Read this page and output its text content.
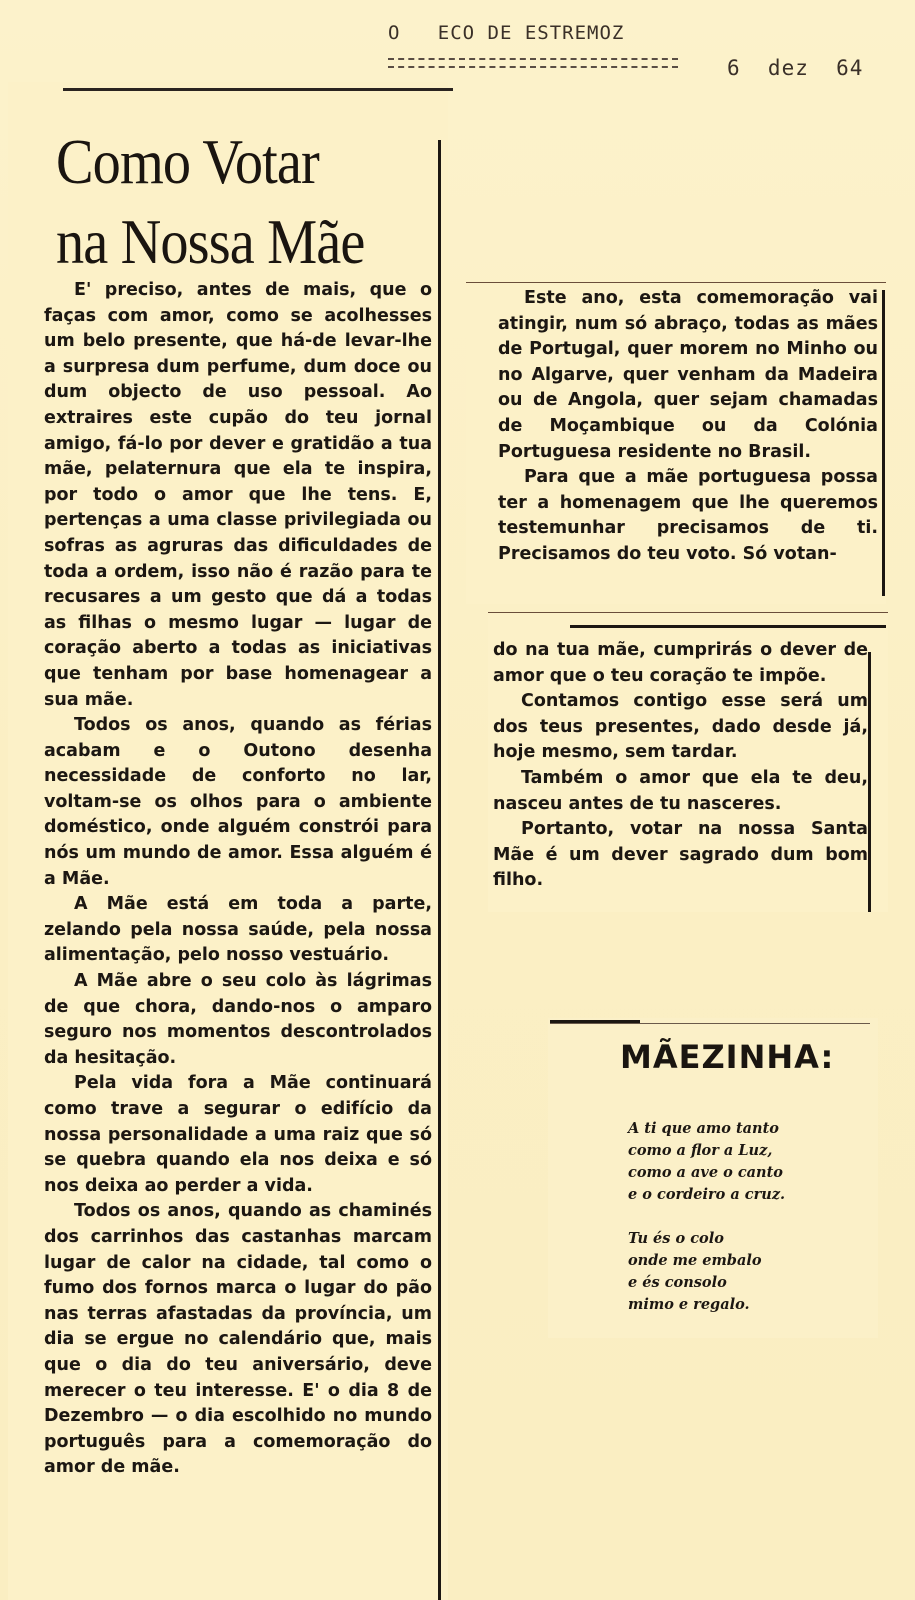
O   ECO DE ESTREMOZ
6  dez  64
Como Votar
na Nossa Mãe

E' preciso, antes de mais, que o faças com amor, como se acolhesses um belo presente, que há-de levar-lhe a surpresa dum perfume, dum doce ou dum objecto de uso pessoal. Ao extraires este cupão do teu jornal amigo, fá-lo por dever e gratidão a tua mãe, pelaternura que ela te inspira, por todo o amor que lhe tens. E, pertenças a uma classe privilegiada ou sofras as agruras das dificuldades de toda a ordem, isso não é razão para te recusares a um gesto que dá a todas as filhas o mesmo lugar — lugar de coração aberto a todas as iniciativas que tenham por base homenagear a sua mãe.

Todos os anos, quando as férias acabam e o Outono desenha necessidade de conforto no lar, voltam-se os olhos para o ambiente doméstico, onde alguém constrói para nós um mundo de amor. Essa alguém é a Mãe.

A Mãe está em toda a parte, zelando pela nossa saúde, pela nossa alimentação, pelo nosso vestuário.

A Mãe abre o seu colo às lágrimas de que chora, dando-nos o amparo seguro nos momentos descontrolados da hesitação.

Pela vida fora a Mãe continuará como trave a segurar o edifício da nossa personalidade a uma raiz que só se quebra quando ela nos deixa e só nos deixa ao perder a vida.

Todos os anos, quando as chaminés dos carrinhos das castanhas marcam lugar de calor na cidade, tal como o fumo dos fornos marca o lugar do pão nas terras afastadas da província, um dia se ergue no calendário que, mais que o dia do teu aniversário, deve merecer o teu interesse. E' o dia 8 de Dezembro — o dia escolhido no mundo português para a comemoração do amor de mãe.

Este ano, esta comemoração vai atingir, num só abraço, todas as mães de Portugal, quer morem no Minho ou no Algarve, quer venham da Madeira ou de Angola, quer sejam chamadas de Moçambique ou da Colónia Portuguesa residente no Brasil.

Para que a mãe portuguesa possa ter a homenagem que lhe queremos testemunhar precisamos de ti. Precisamos do teu voto. Só votan-

do na tua mãe, cumprirás o dever de amor que o teu coração te impõe.

Contamos contigo esse será um dos teus presentes, dado desde já, hoje mesmo, sem tardar.

Também o amor que ela te deu, nasceu antes de tu nasceres.

Portanto, votar na nossa Santa Mãe é um dever sagrado dum bom filho.

MÃEZINHA:
A ti que amo tanto
como a flor a Luz,
como a ave o canto
e o cordeiro a cruz.
Tu és o colo
onde me embalo
e és consolo
mimo e regalo.
